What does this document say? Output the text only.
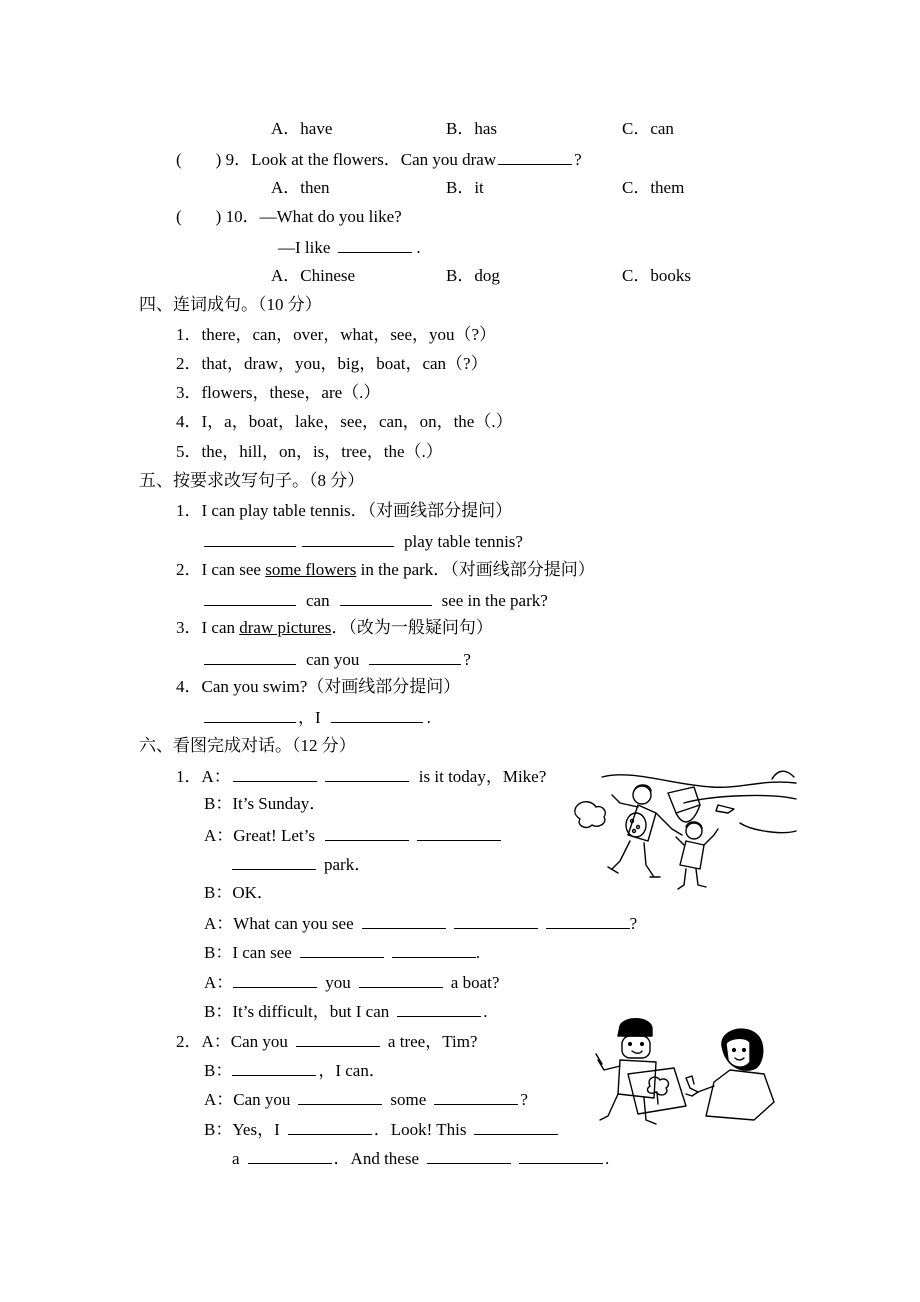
A．have	B．has	C．can
(　　) 9．Look at the flowers．Can you draw	?
A．then	B．it	C．them
(　　) 10．—What do you like?
—I like	.
A．Chinese	B．dog	C．books
四、连词成句。（10 分）
1．there，can，over，what，see，you（?）
2．that，draw，you，big，boat，can（?）
3．flowers，these，are（.）
4．I，a，boat，lake，see，can，on，the（.）
5．the，hill，on，is，tree，the（.）
五、按要求改写句子。（8 分）
1．I can play table tennis．（对画线部分提问）
play table tennis?
2．I can see some flowers in the park．（对画线部分提问）
can	see in the park?
3．I can draw pictures．（改为一般疑问句）
can you	?
4．Can you swim?（对画线部分提问）
，I	.
六、看图完成对话。（12 分）
1．A：	is it today，Mike?
B：It’s Sunday．
A：Great! Let’s
park．
B：OK．
A：What can you see	?
B：I can see	.
A：	you	a boat?
B：It’s difficult，but I can	.
2．A：Can you	a tree，Tim?
B：	，I can．
A：Can you	some	?
B：Yes，I	．Look! This
a	．And these	.
